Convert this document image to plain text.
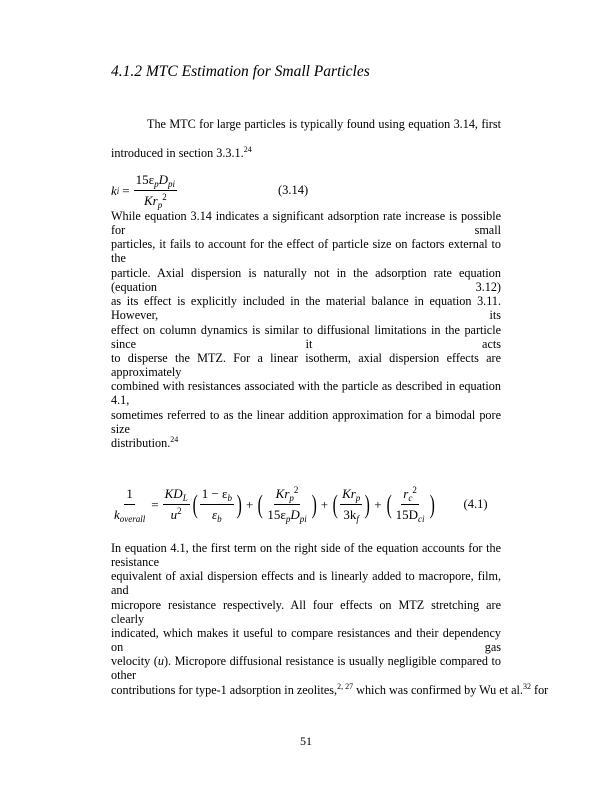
4.1.2 MTC Estimation for Small Particles
The MTC for large particles is typically found using equation 3.14, first
introduced in section 3.3.1.24
k $i = \frac{15\varepsilon_pD_{pi}}{Kr_p^2}$	(3.14)
While equation 3.14 indicates a significant adsorption rate increase is possible for small
particles, it fails to account for the effect of particle size on factors external to the
particle. Axial dispersion is naturally not in the adsorption rate equation (equation 3.12)
as its effect is explicitly included in the material balance in equation 3.11. However, its
effect on column dynamics is similar to diffusional limitations in the particle since it acts
to disperse the MTZ. For a linear isotherm, axial dispersion effects are approximately
combined with resistances associated with the particle as described in equation 4.1,
sometimes referred to as the linear addition approximation for a bimodal pore size
distribution.$^{24}$
$\frac{1}{k_{overall}} = \frac{KD_L}{u^2}$ ( $\frac{1 - \varepsilon_b}{\varepsilon_b}$ ) + ( $\frac{Kr_p^2}{15\varepsilon_pD_{pi}}$ ) + ( $\frac{Kr_p}{3k_f}$ ) + ( $\frac{r_c^2}{15D_{ci}}$ ) (4.1)
In equation 4.1, the first term on the right side of the equation accounts for the resistance
equivalent of axial dispersion effects and is linearly added to macropore, film, and
micropore resistance respectively. All four effects on MTZ stretching are clearly
indicated, which makes it useful to compare resistances and their dependency on gas
velocity (u). Micropore diffusional resistance is usually negligible compared to other
contributions for type-1 adsorption in zeolites,$^{2, 27}$ which was confirmed by Wu et al.$^{32}$ for
51
